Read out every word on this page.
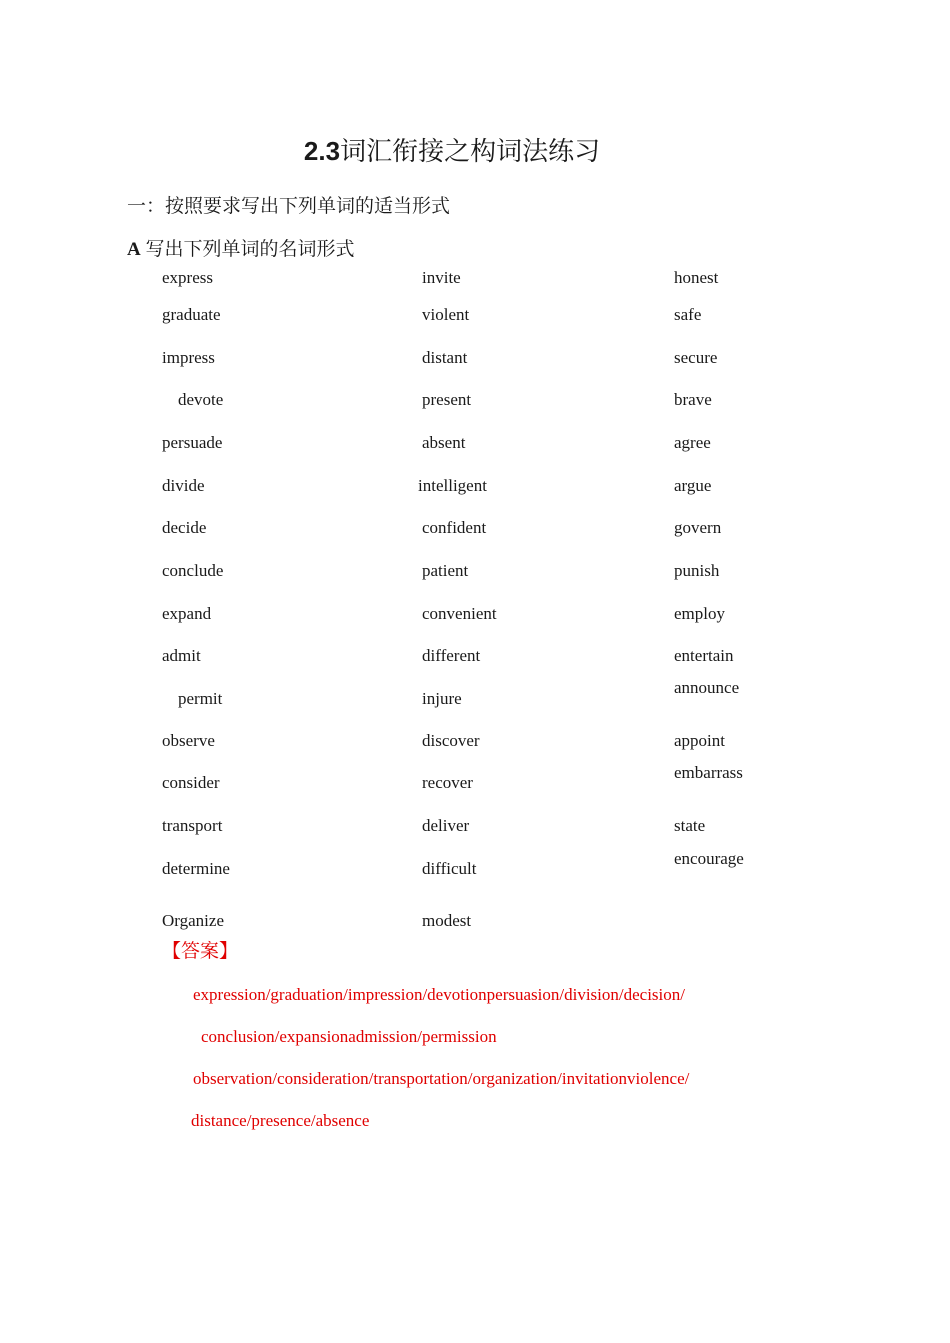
2.3词汇衔接之构词法练习
一：按照要求写出下列单词的适当形式
A 写出下列单词的名词形式
express
graduate
impress
devote
persuade
divide
decide
conclude
expand
admit
permit
observe
consider
transport
determine
Organize
invite
violent
distant
present
absent
intelligent
confident
patient
convenient
different
injure
discover
recover
deliver
difficult
modest
honest
safe
secure
brave
agree
argue
govern
punish
employ
entertain
announce
appoint
embarrass
state
encourage
【答案】
expression/graduation/impression/devotionpersuasion/division/decision/
conclusion/expansionadmission/permission
observation/consideration/transportation/organization/invitationviolence/
distance/presence/absence
